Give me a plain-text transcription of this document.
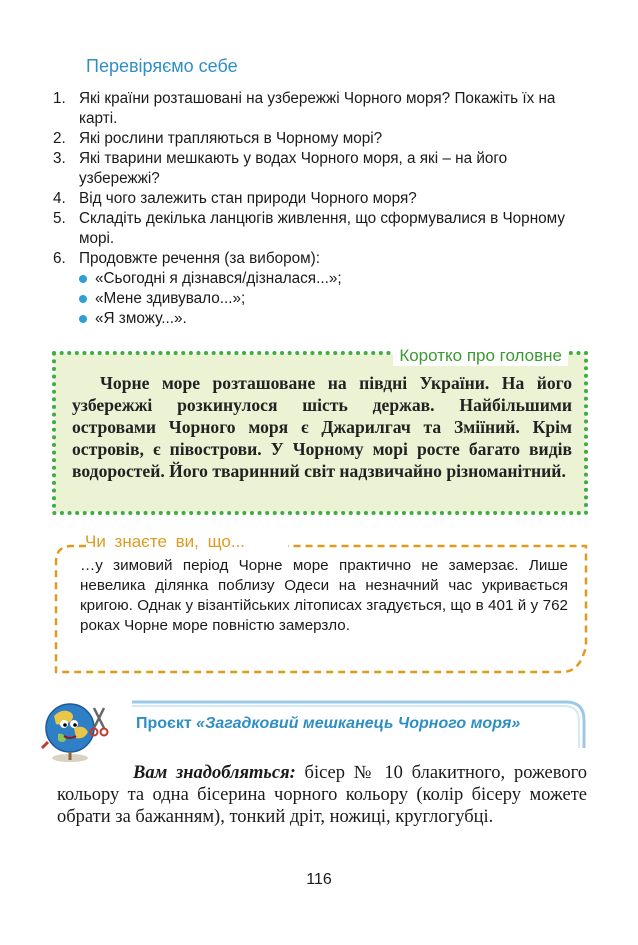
Перевіряємо себе
1. Які країни розташовані на узбережжі Чорного моря? Покажіть їх на карті.
2. Які рослини трапляються в Чорному морі?
3. Які тварини мешкають у водах Чорного моря, а які – на його узбережжі?
4. Від чого залежить стан природи Чорного моря?
5. Складіть декілька ланцюгів живлення, що сформувалися в Чорному морі.
6. Продовжте речення (за вибором):
«Сьогодні я дізнався/дізналася...»;
«Мене здивувало...»;
«Я зможу...».
Коротко про головне

Чорне море розташоване на півдні України. На його узбережжі розкинулося шість держав. Найбільшими островами Чорного моря є Джарилгач та Зміїний. Крім островів, є півострови. У Чорному морі росте багато видів водоростей. Його тваринний світ надзвичайно різноманітний.

Чи знаєте ви, що...

…у зимовий період Чорне море практично не замерзає. Лише невелика ділянка поблизу Одеси на незначний час укривається кригою. Однак у візантійських літописах згадується, що в 401 й у 762 роках Чорне море повністю замерзло.

Проєкт «Загадковий мешканець Чорного моря»

Вам знадобляться: бісер № 10 блакитного, рожевого кольору та одна бісерина чорного кольору (колір бісеру можете обрати за бажанням), тонкий дріт, ножиці, круглогубці.

116
